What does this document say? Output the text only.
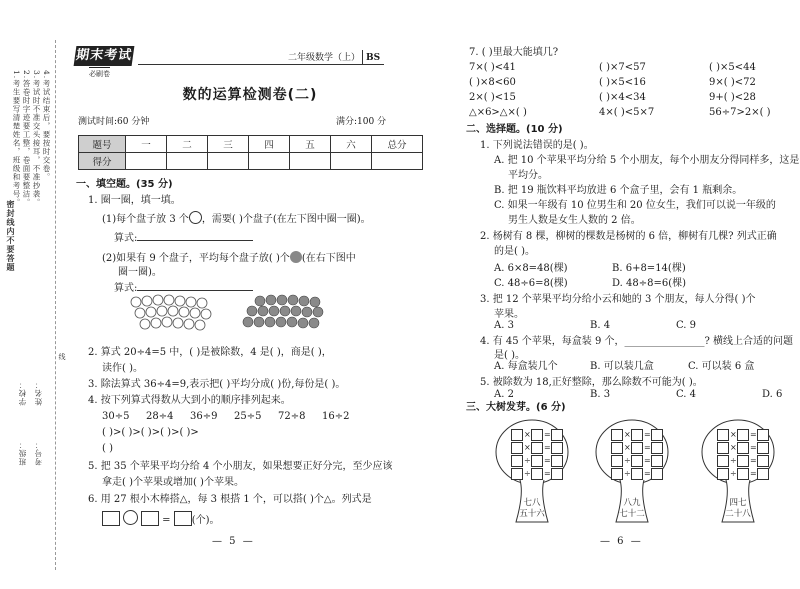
1.考生要写清楚姓名，班级和考号。 2.答卷时字迹要工整，卷面要整洁。 3.考试时不准交头接耳，不准抄袭。 4.考试结束后，要按时交卷。
密封线内不要答题
学校：
班级：
姓名：
考号：
线
期末考试
必刷卷
二年级数学（上） BS
数的运算检测卷(二)
测试时间:60 分钟	满分:100 分
题号	一	二	三	四	五	六	总分
得分							
一、填空题。(35 分)
1. 圈一圈，填一填。
(1)每个盘子放 3 个 ，需要( )个盘子(在左下图中圈一圈)。
算式:
(2)如果有 9 个盘子，平均每个盘子放( )个 (在右下图中
圈一圈)。
算式:
2. 算式 20÷4=5 中，( )是被除数，4 是( )，商是( )，
读作( )。
3. 除法算式 36÷4=9,表示把( )平均分成( )份,每份是( )。
4. 按下列算式得数从大到小的顺序排列起来。
30÷5 28÷4 36÷9 25÷5 72÷8 16÷2
( )>( )>( )>( )>( )>
( )
5. 把 35 个苹果平均分给 4 个小朋友，如果想要正好分完，至少应该
拿走( )个苹果或增加( )个苹果。
6. 用 27 根小木棒搭△，每 3 根搭 1 个，可以搭( )个△。列式是
= (个)。
— 5 —
7. ( )里最大能填几?
7×( )<41	( )×7<57	( )×5<44
( )×8<60	( )×5<16	9×( )<72
2×( )<15	( )×4<34	9+( )<28
△×6>△×( )	4×( )<5×7	56÷7>2×( )
二、选择题。(10 分)
1. 下列说法错误的是( )。
A. 把 10 个苹果平均分给 5 个小朋友，每个小朋友分得同样多，这是
平均分。
B. 把 19 瓶饮料平均放进 6 个盒子里，会有 1 瓶剩余。
C. 如果一年级有 10 位男生和 20 位女生，我们可以说一年级的
男生人数是女生人数的 2 倍。
2. 杨树有 8 棵，柳树的棵数是杨树的 6 倍，柳树有几棵? 列式正确
的是( )。
A. 6×8=48(棵)	B. 6+8=14(棵)
C. 48÷6=8(棵)	D. 48÷8=6(棵)
3. 把 12 个苹果平均分给小云和她的 3 个朋友，每人分得( )个
苹果。
A. 3	B. 4	C. 9
4. 有 45 个苹果，每盒装 9 个，________________? 横线上合适的问题
是( )。
A. 每盒装几个	B. 可以装几盒	C. 可以装 6 盒
5. 被除数为 18,正好整除，那么除数不可能为( )。
A. 2	B. 3	C. 4	D. 6
三、大树发芽。(6 分)
× =
× =
÷ =
÷ =
七八
五十六
× =
× =
÷ =
÷ =
八九
七十二
× =
× =
÷ =
÷ =
四七
二十八
— 6 —
